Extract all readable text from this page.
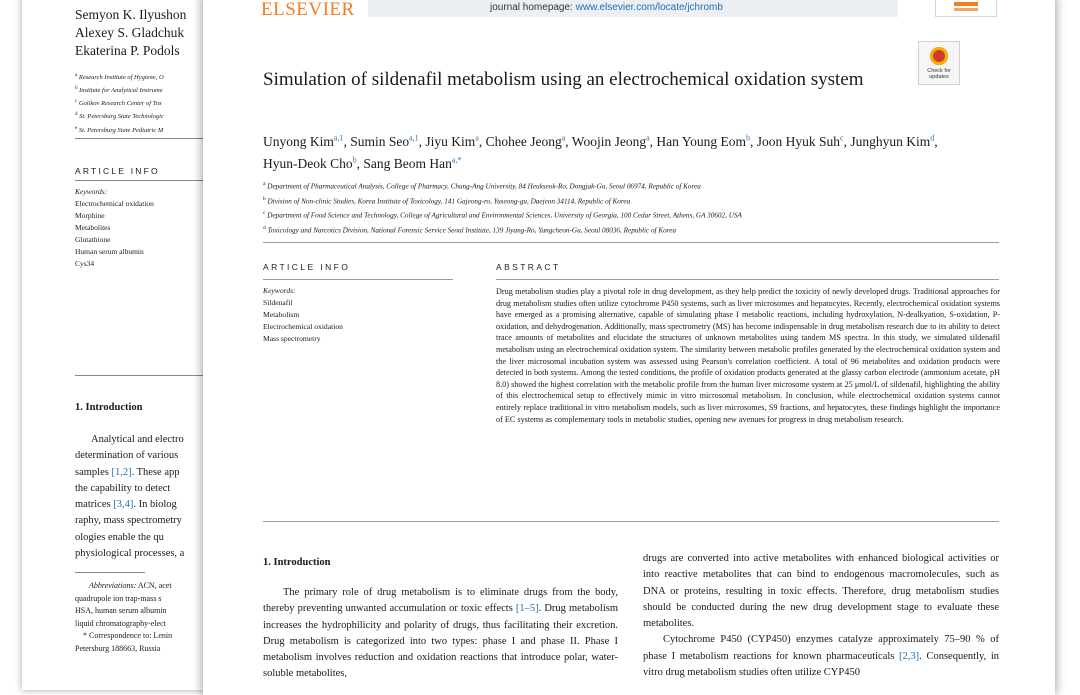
Semyon K. Ilyushon
Alexey S. Gladchuk
Ekaterina P. Podols
$^a$ Research Institute of Hygiene, O
$^b$ Institute for Analytical Instrume
$^c$ Golikov Research Center of Tox
$^d$ St. Petersburg State Technologic
$^e$ St. Petersburg State Pediatric M
ARTICLE INFO
Keywords:
Electrochemical oxidation
Morphine
Metabolites
Glutathione
Human serum albumin
Cys34
1. Introduction
Analytical and electro
determination of various
samples [1,2]. These app
the capability to detect
matrices [3,4]. In biolog
raphy, mass spectrometry
ologies enable the qu
physiological processes, a
Abbreviations: ACN, acet
quadrupole ion trap-mass s
HSA, human serum albumin
liquid chromatography-elect
* Correspondence to: Lenin
Petersburg 188663, Russia
ELSEVIER	journal homepage: www.elsevier.com/locate/jchromb
Simulation of sildenafil metabolism using an electrochemical oxidation system	Check for updates
Unyong Kim$^{a,1}$, Sumin Seo$^{a,1}$, Jiyu Kim$^a$, Chohee Jeong$^a$, Woojin Jeong$^a$, Han Young Eom$^b$, Joon Hyuk Suh$^c$, Junghyun Kim$^d$, Hyun-Deok Cho$^b$, Sang Beom Han$^{a,*}$
$^a$ Department of Pharmaceutical Analysis, College of Pharmacy, Chung-Ang University, 84 Heukseok-Ro, Dongjak-Gu, Seoul 06974, Republic of Korea
$^b$ Division of Non-clinic Studies, Korea Institute of Toxicology, 141 Gajeong-ro, Yuseong-gu, Daejeon 34114, Republic of Korea
$^c$ Department of Food Science and Technology, College of Agricultural and Environmental Sciences, University of Georgia, 100 Cedar Street, Athens, GA 30602, USA
$^d$ Toxicology and Narcotics Division, National Forensic Service Seoul Institute, 139 Jiyang-Ro, Yangcheon-Gu, Seoul 08036, Republic of Korea
ARTICLE INFO	ABSTRACT
Keywords:
Sildenafil
Metabolism
Electrochemical oxidation
Mass spectrometry
Drug metabolism studies play a pivotal role in drug development, as they help predict the toxicity of newly developed drugs. Traditional approaches for drug metabolism studies often utilize cytochrome P450 systems, such as liver microsomes and hepatocytes. Recently, electrochemical oxidation systems have emerged as a promising alternative, capable of simulating phase I metabolic reactions, including hydroxylation, N-dealkyation, S-oxidation, P-oxidation, and dehydrogenation. Additionally, mass spectrometry (MS) has become indispensable in drug metabolism research due to its ability to detect trace amounts of metabolites and elucidate the structures of unknown metabolites using tandem MS spectra. In this study, we simulated sildenafil metabolism using an electrochemical oxidation system. The similarity between metabolic profiles generated by the electrochemical oxidation system and the liver microsomal incubation system was assessed using Pearson's correlation coefficient. A total of 96 metabolites and oxidation products were detected in both systems. Among the tested conditions, the profile of oxidation products generated at the glassy carbon electrode (ammonium acetate, pH 8.0) showed the highest correlation with the metabolic profile from the human liver microsome system at 25 μmol/L of sildenafil, highlighting the ability of this electrochemical setup to effectively mimic in vitro microsomal metabolism. In conclusion, while electrochemical oxidation systems cannot entirely replace traditional in vitro metabolism models, such as liver microsomes, S9 fractions, and hepatocytes, these findings highlight the importance of EC systems as complementary tools in metabolic studies, opening new avenues for progress in drug metabolism research.
1. Introduction
The primary role of drug metabolism is to eliminate drugs from the body, thereby preventing unwanted accumulation or toxic effects [1–5]. Drug metabolism increases the hydrophilicity and polarity of drugs, thus facilitating their excretion. Drug metabolism is categorized into two types: phase I and phase II. Phase I metabolism involves reduction and oxidation reactions that introduce polar, water-soluble metabolites,
drugs are converted into active metabolites with enhanced biological activities or into reactive metabolites that can bind to endogenous macromolecules, such as DNA or proteins, resulting in toxic effects. Therefore, drug metabolism studies should be conducted during the new drug development stage to evaluate these metabolites.
Cytochrome P450 (CYP450) enzymes catalyze approximately 75–90 % of phase I metabolism reactions for known pharmaceuticals [2,3]. Consequently, in vitro drug metabolism studies often utilize CYP450
